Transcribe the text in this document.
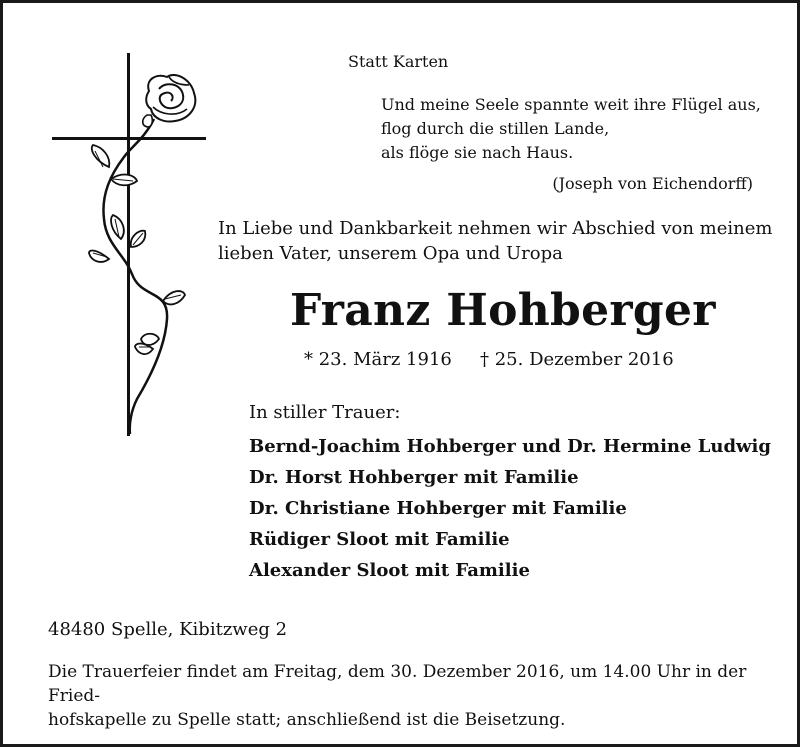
Statt Karten
Und meine Seele spannte weit ihre Flügel aus,
flog durch die stillen Lande,
als flöge sie nach Haus.
(Joseph von Eichendorff)
In Liebe und Dankbarkeit nehmen wir Abschied von meinem
lieben Vater, unserem Opa und Uropa
Franz Hohberger
* 23. März 1916 † 25. Dezember 2016
In stiller Trauer:
Bernd-Joachim Hohberger und Dr. Hermine Ludwig
Dr. Horst Hohberger mit Familie
Dr. Christiane Hohberger mit Familie
Rüdiger Sloot mit Familie
Alexander Sloot mit Familie
48480 Spelle, Kibitzweg 2
Die Trauerfeier findet am Freitag, dem 30. Dezember 2016, um 14.00 Uhr in der Fried-
hofskapelle zu Spelle statt; anschließend ist die Beisetzung.
